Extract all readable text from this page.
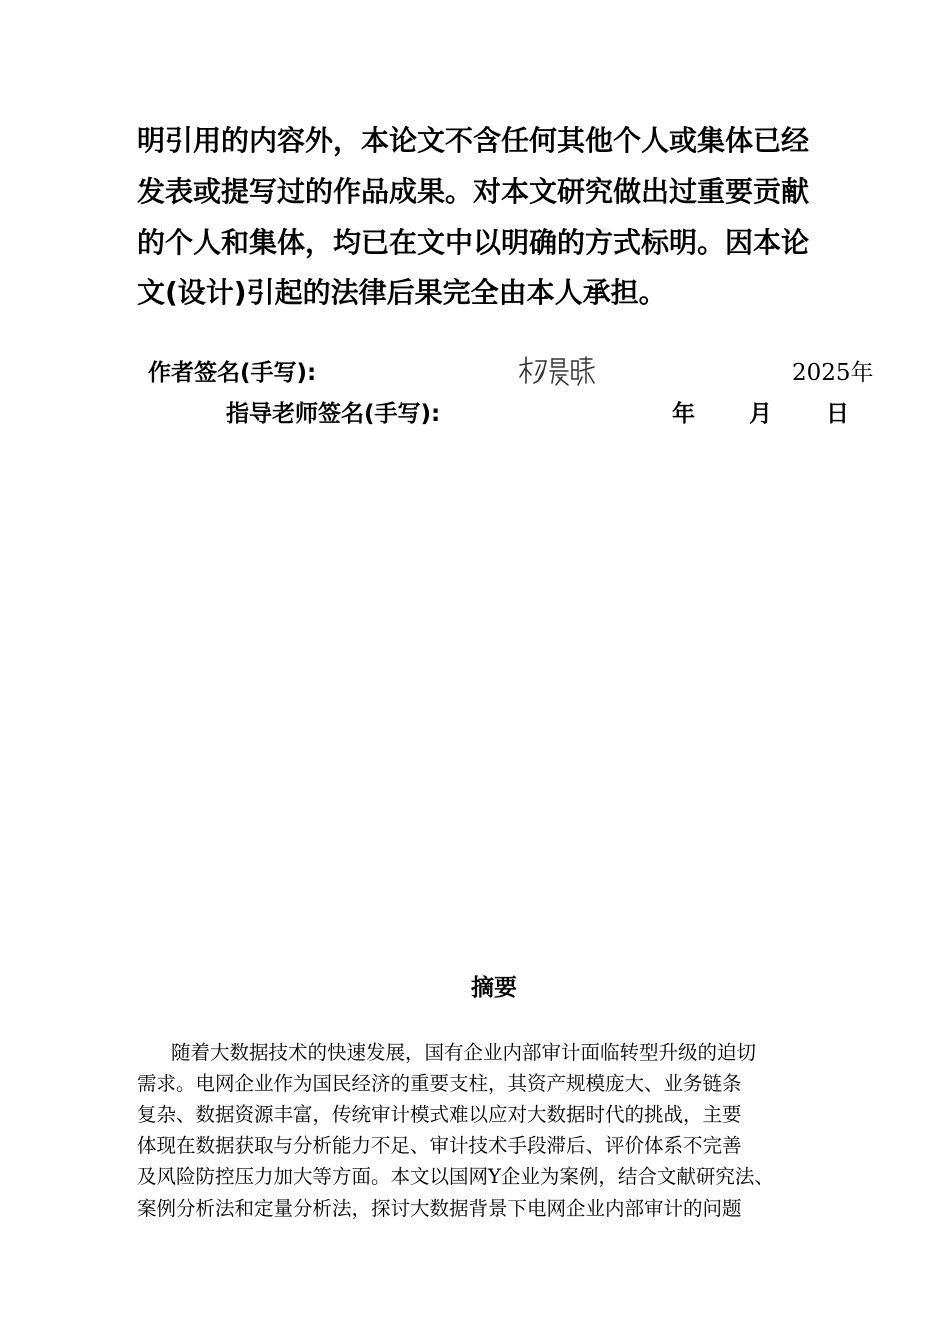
明引用的内容外，本论文不含任何其他个人或集体已经
发表或提写过的作品成果。对本文研究做出过重要贡献
的个人和集体，均已在文中以明确的方式标明。因本论
文(设计)引起的法律后果完全由本人承担。
作者签名(手写):	2025年
指导老师签名(手写):	年 月 日
摘要
随着大数据技术的快速发展，国有企业内部审计面临转型升级的迫切
需求。电网企业作为国民经济的重要支柱，其资产规模庞大、业务链条
复杂、数据资源丰富，传统审计模式难以应对大数据时代的挑战，主要
体现在数据获取与分析能力不足、审计技术手段滞后、评价体系不完善
及风险防控压力加大等方面。本文以国网Y企业为案例，结合文献研究法、
案例分析法和定量分析法，探讨大数据背景下电网企业内部审计的问题
